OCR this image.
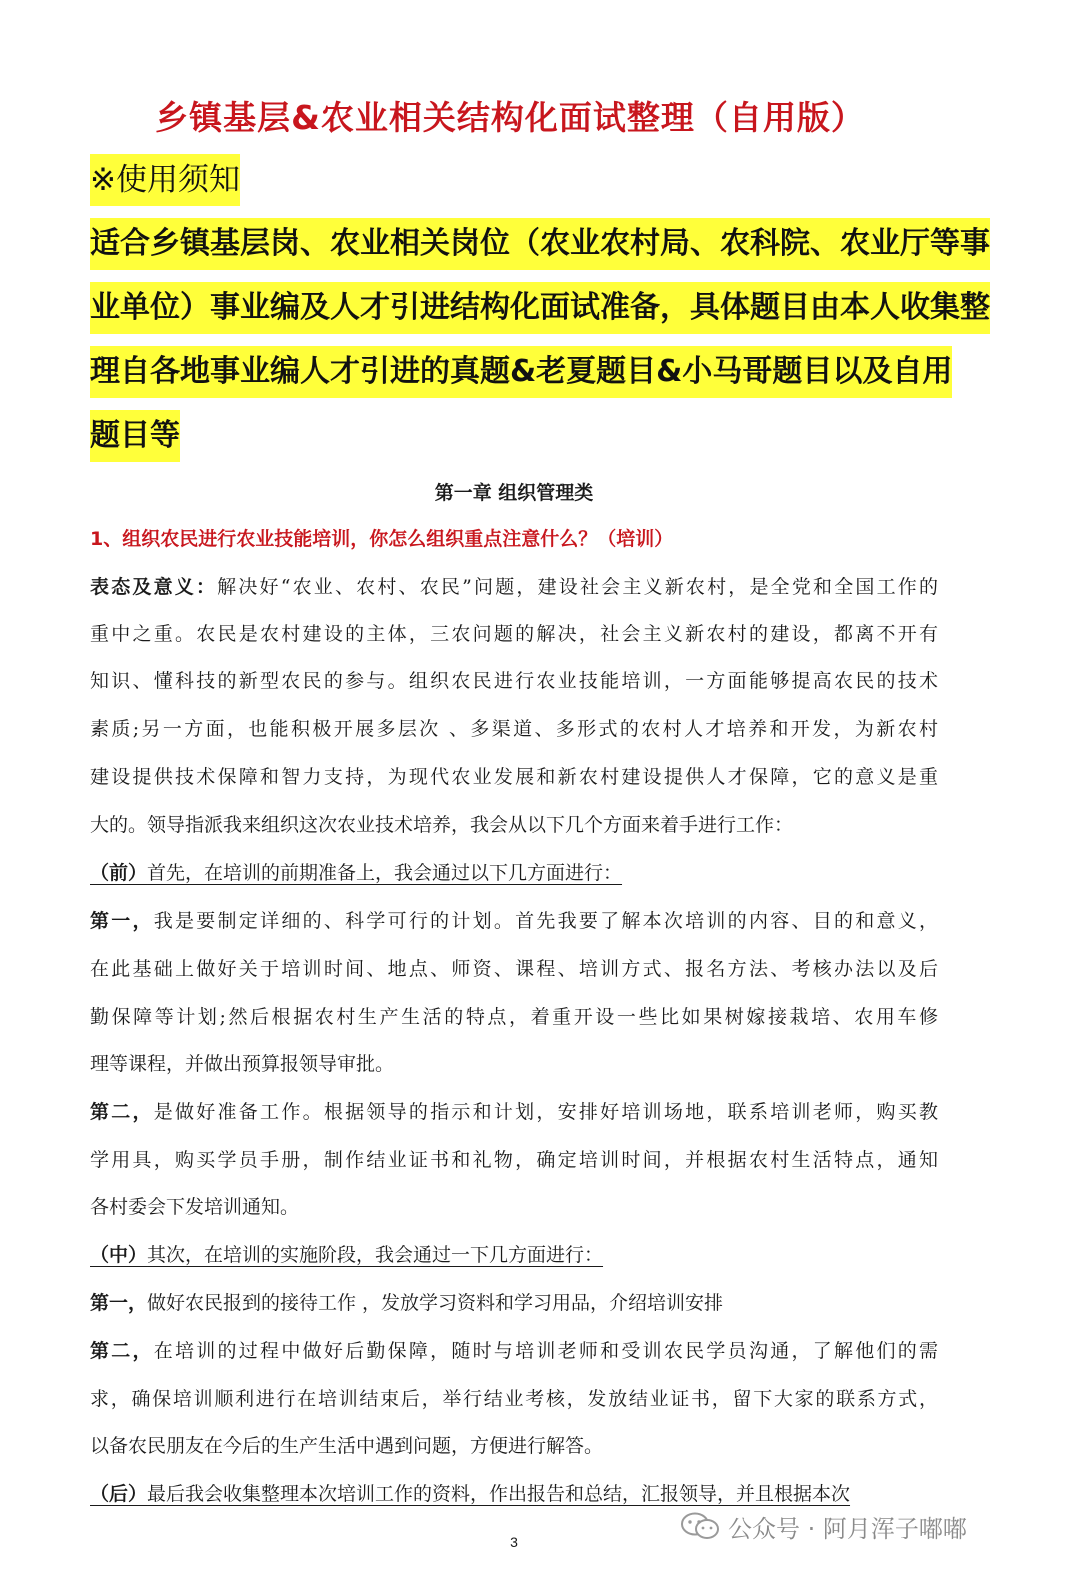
乡镇基层&农业相关结构化面试整理（自用版）
※使用须知
适合乡镇基层岗、农业相关岗位（农业农村局、农科院、农业厅等事
业单位）事业编及人才引进结构化面试准备，具体题目由本人收集整
理自各地事业编人才引进的真题&老夏题目&小马哥题目以及自用
题目等
第一章 组织管理类
1、组织农民进行农业技能培训，你怎么组织重点注意什么？（培训）
表态及意义：解决好“农业、农村、农民”问题，建设社会主义新农村，是全党和全国工作的
重中之重。农民是农村建设的主体，三农问题的解决，社会主义新农村的建设，都离不开有
知识、懂科技的新型农民的参与。组织农民进行农业技能培训，一方面能够提高农民的技术
素质;另一方面，也能积极开展多层次 、多渠道、多形式的农村人才培养和开发，为新农村
建设提供技术保障和智力支持，为现代农业发展和新农村建设提供人才保障，它的意义是重
大的。领导指派我来组织这次农业技术培养，我会从以下几个方面来着手进行工作：
（前）首先，在培训的前期准备上，我会通过以下几方面进行：
第一，我是要制定详细的、科学可行的计划。首先我要了解本次培训的内容、目的和意义，
在此基础上做好关于培训时间、地点、师资、课程、培训方式、报名方法、考核办法以及后
勤保障等计划;然后根据农村生产生活的特点，着重开设一些比如果树嫁接栽培、农用车修
理等课程，并做出预算报领导审批。
第二，是做好准备工作。根据领导的指示和计划，安排好培训场地，联系培训老师，购买教
学用具，购买学员手册，制作结业证书和礼物，确定培训时间，并根据农村生活特点，通知
各村委会下发培训通知。
（中）其次，在培训的实施阶段，我会通过一下几方面进行：
第一，做好农民报到的接待工作 ，发放学习资料和学习用品，介绍培训安排
第二，在培训的过程中做好后勤保障，随时与培训老师和受训农民学员沟通，了解他们的需
求，确保培训顺利进行在培训结束后，举行结业考核，发放结业证书，留下大家的联系方式，
以备农民朋友在今后的生产生活中遇到问题，方便进行解答。
（后）最后我会收集整理本次培训工作的资料，作出报告和总结，汇报领导，并且根据本次
3	公众号 · 阿月浑子嘟嘟
